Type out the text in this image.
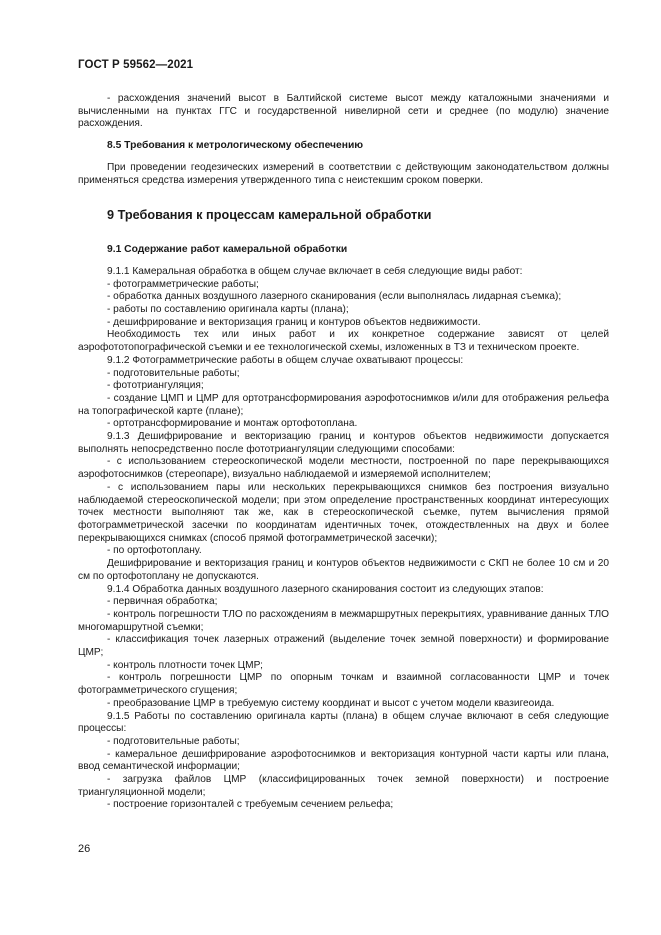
ГОСТ Р 59562—2021

- расхождения значений высот в Балтийской системе высот между каталожными значениями и вычисленными на пунктах ГГС и государственной нивелирной сети и среднее (по модулю) значение расхождения.

8.5 Требования к метрологическому обеспечению

При проведении геодезических измерений в соответствии с действующим законодательством должны применяться средства измерения утвержденного типа с неистекшим сроком поверки.

9 Требования к процессам камеральной обработки
9.1 Содержание работ камеральной обработки

9.1.1 Камеральная обработка в общем случае включает в себя следующие виды работ:

- фотограмметрические работы;

- обработка данных воздушного лазерного сканирования (если выполнялась лидарная съемка);

- работы по составлению оригинала карты (плана);

- дешифрирование и векторизация границ и контуров объектов недвижимости.

Необходимость тех или иных работ и их конкретное содержание зависят от целей аэрофототопографической съемки и ее технологической схемы, изложенных в ТЗ и техническом проекте.

9.1.2 Фотограмметрические работы в общем случае охватывают процессы:

- подготовительные работы;

- фототриангуляция;

- создание ЦМП и ЦМР для ортотрансформирования аэрофотоснимков и/или для отображения рельефа на топографической карте (плане);

- ортотрансформирование и монтаж ортофотоплана.

9.1.3 Дешифрирование и векторизацию границ и контуров объектов недвижимости допускается выполнять непосредственно после фототриангуляции следующими способами:

- с использованием стереоскопической модели местности, построенной по паре перекрывающихся аэрофотоснимков (стереопаре), визуально наблюдаемой и измеряемой исполнителем;

- с использованием пары или нескольких перекрывающихся снимков без построения визуально наблюдаемой стереоскопической модели; при этом определение пространственных координат интересующих точек местности выполняют так же, как в стереоскопической съемке, путем вычисления прямой фотограмметрической засечки по координатам идентичных точек, отождествленных на двух и более перекрывающихся снимках (способ прямой фотограмметрической засечки);

- по ортофотоплану.

Дешифрирование и векторизация границ и контуров объектов недвижимости с СКП не более 10 см и 20 см по ортофотоплану не допускаются.

9.1.4 Обработка данных воздушного лазерного сканирования состоит из следующих этапов:

- первичная обработка;

- контроль погрешности ТЛО по расхождениям в межмаршрутных перекрытиях, уравнивание данных ТЛО многомаршрутной съемки;

- классификация точек лазерных отражений (выделение точек земной поверхности) и формирование ЦМР;

- контроль плотности точек ЦМР;

- контроль погрешности ЦМР по опорным точкам и взаимной согласованности ЦМР и точек фотограмметрического сгущения;

- преобразование ЦМР в требуемую систему координат и высот с учетом модели квазигеоида.

9.1.5 Работы по составлению оригинала карты (плана) в общем случае включают в себя следующие процессы:

- подготовительные работы;

- камеральное дешифрирование аэрофотоснимков и векторизация контурной части карты или плана, ввод семантической информации;

- загрузка файлов ЦМР (классифицированных точек земной поверхности) и построение триангуляционной модели;

- построение горизонталей с требуемым сечением рельефа;

26
